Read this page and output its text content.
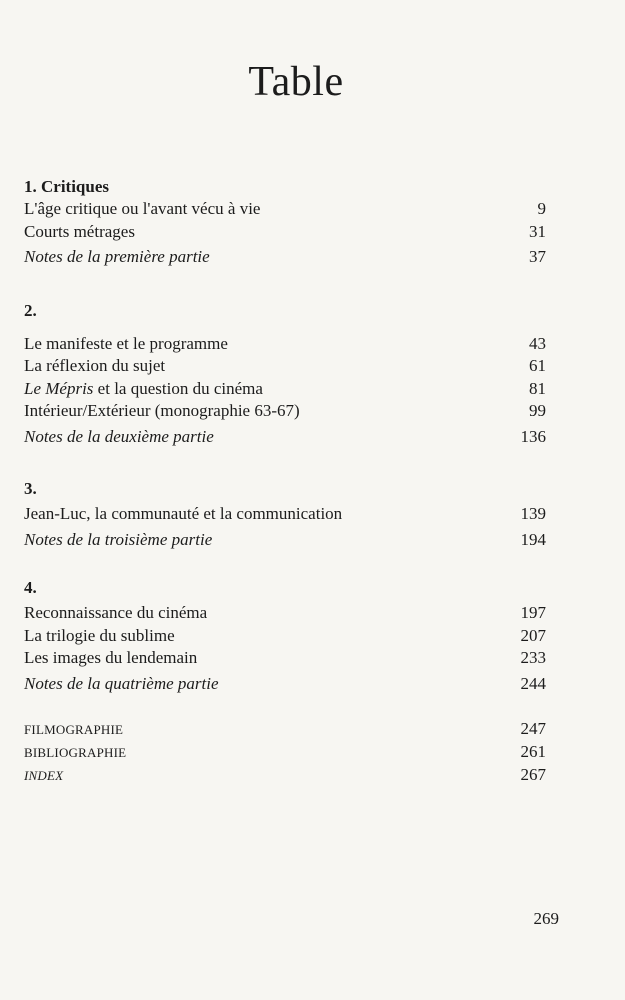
Table
1. Critiques
L'âge critique ou l'avant vécu à vie	9
Courts métrages	31
Notes de la première partie	37
2.
Le manifeste et le programme	43
La réflexion du sujet	61
Le Mépris et la question du cinéma	81
Intérieur/Extérieur (monographie 63-67)	99
Notes de la deuxième partie	136
3.
Jean-Luc, la communauté et la communication	139
Notes de la troisième partie	194
4.
Reconnaissance du cinéma	197
La trilogie du sublime	207
Les images du lendemain	233
Notes de la quatrième partie	244
FILMOGRAPHIE	247
BIBLIOGRAPHIE	261
INDEX	267
269
